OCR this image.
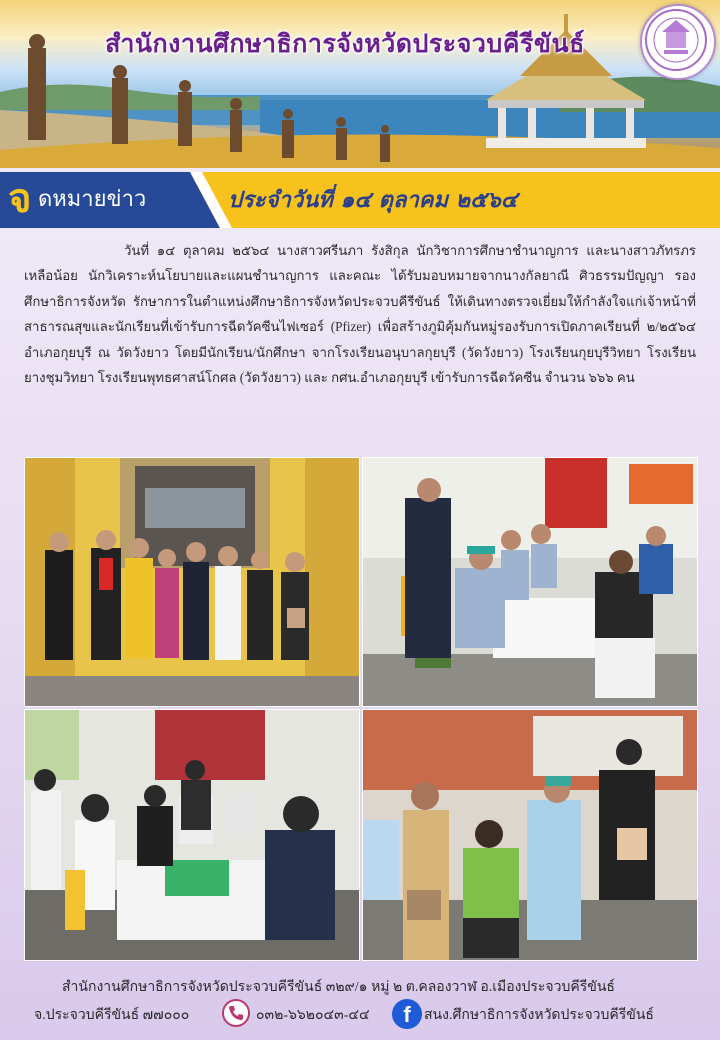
สำนักงานศึกษาธิการจังหวัดประจวบคีรีขันธ์
จ ดหมายข่าว	ประจำวันที่ ๑๔ ตุลาคม ๒๕๖๔
วันที่ ๑๔ ตุลาคม ๒๕๖๔ นางสาวศรีนภา รังสิกุล นักวิชาการศึกษาชำนาญการ และนางสาวภัทรภร เหลือน้อย นักวิเคราะห์นโยบายและแผนชำนาญการ และคณะ ได้รับมอบหมายจากนางกัลยาณี ศิวธรรมปัญญา รองศึกษาธิการจังหวัด รักษาการในตำแหน่งศึกษาธิการจังหวัดประจวบคีรีขันธ์ ให้เดินทางตรวจเยี่ยมให้กำลังใจแก่เจ้าหน้าที่สาธารณสุขและนักเรียนที่เข้ารับการฉีดวัคซีนไฟเซอร์ (Pfizer) เพื่อสร้างภูมิคุ้มกันหมู่รองรับการเปิดภาคเรียนที่ ๒/๒๕๖๔ อำเภอกุยบุรี ณ วัดวังยาว โดยมีนักเรียน/นักศึกษา จากโรงเรียนอนุบาลกุยบุรี (วัดวังยาว) โรงเรียนกุยบุรีวิทยา โรงเรียนยางชุมวิทยา โรงเรียนพุทธศาสน์โกศล (วัดวังยาว) และ กศน.อำเภอกุยบุรี เข้ารับการฉีดวัคซีน จำนวน ๖๖๖ คน
สำนักงานศึกษาธิการจังหวัดประจวบคีรีขันธ์ ๓๒๙/๑ หมู่ ๒ ต.คลองวาฬ อ.เมืองประจวบคีรีขันธ์
จ.ประจวบคีรีขันธ์ ๗๗๐๐๐	๐๓๒-๖๖๒๐๔๓-๔๔	f สนง.ศึกษาธิการจังหวัดประจวบคีรีขันธ์
